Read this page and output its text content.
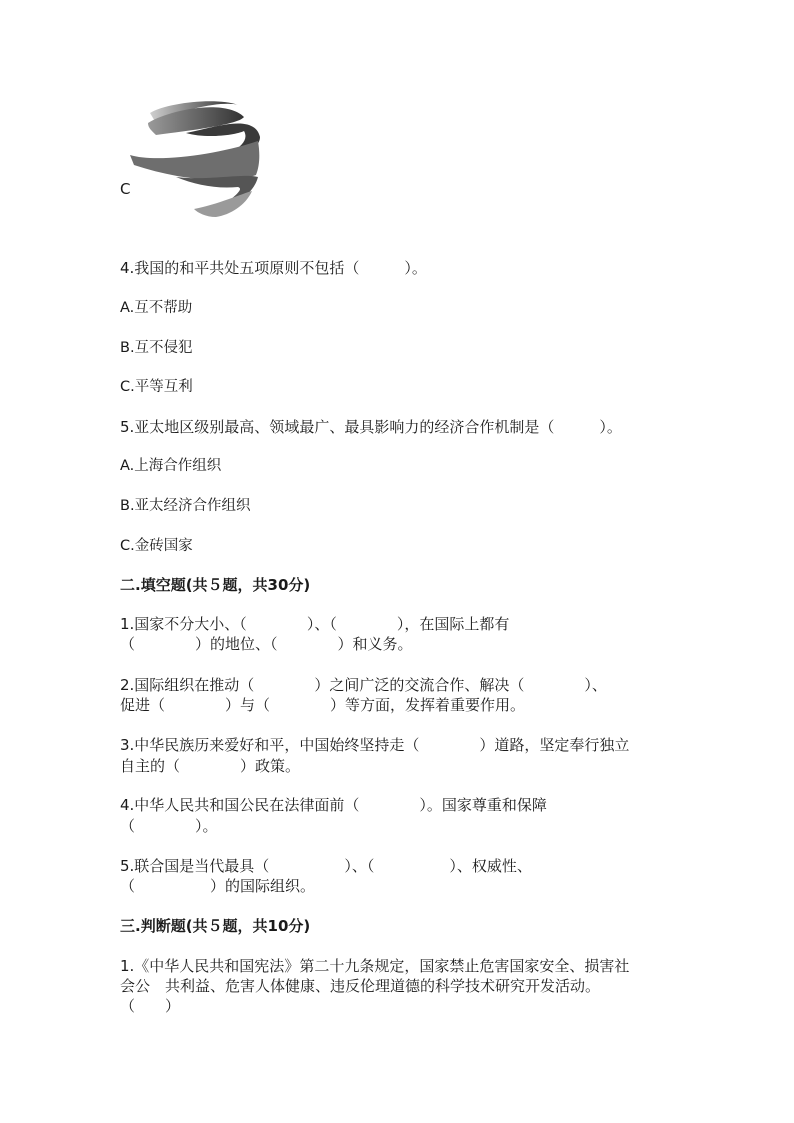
C

4.我国的和平共处五项原则不包括（　　　）。

A.互不帮助

B.互不侵犯

C.平等互利

5.亚太地区级别最高、领域最广、最具影响力的经济合作机制是（　　　）。

A.上海合作组织

B.亚太经济合作组织

C.金砖国家

二.填空题(共５题，共30分)

1.国家不分大小、（　　　　）、（　　　　），在国际上都有

（　　　　）的地位、（　　　　）和义务。

2.国际组织在推动（　　　　）之间广泛的交流合作、解决（　　　　）、

促进（　　　　）与（　　　　）等方面，发挥着重要作用。

3.中华民族历来爱好和平，中国始终坚持走（　　　　）道路，坚定奉行独立

自主的（　　　　）政策。

4.中华人民共和国公民在法律面前（　　　　）。国家尊重和保障

（　　　　）。

5.联合国是当代最具（　　　　　）、（　　　　　）、权威性、

（　　　　　）的国际组织。

三.判断题(共５题，共10分)

1.《中华人民共和国宪法》第二十九条规定，国家禁止危害国家安全、损害社

会公　共利益、危害人体健康、违反伦理道德的科学技术研究开发活动。

（　　）
